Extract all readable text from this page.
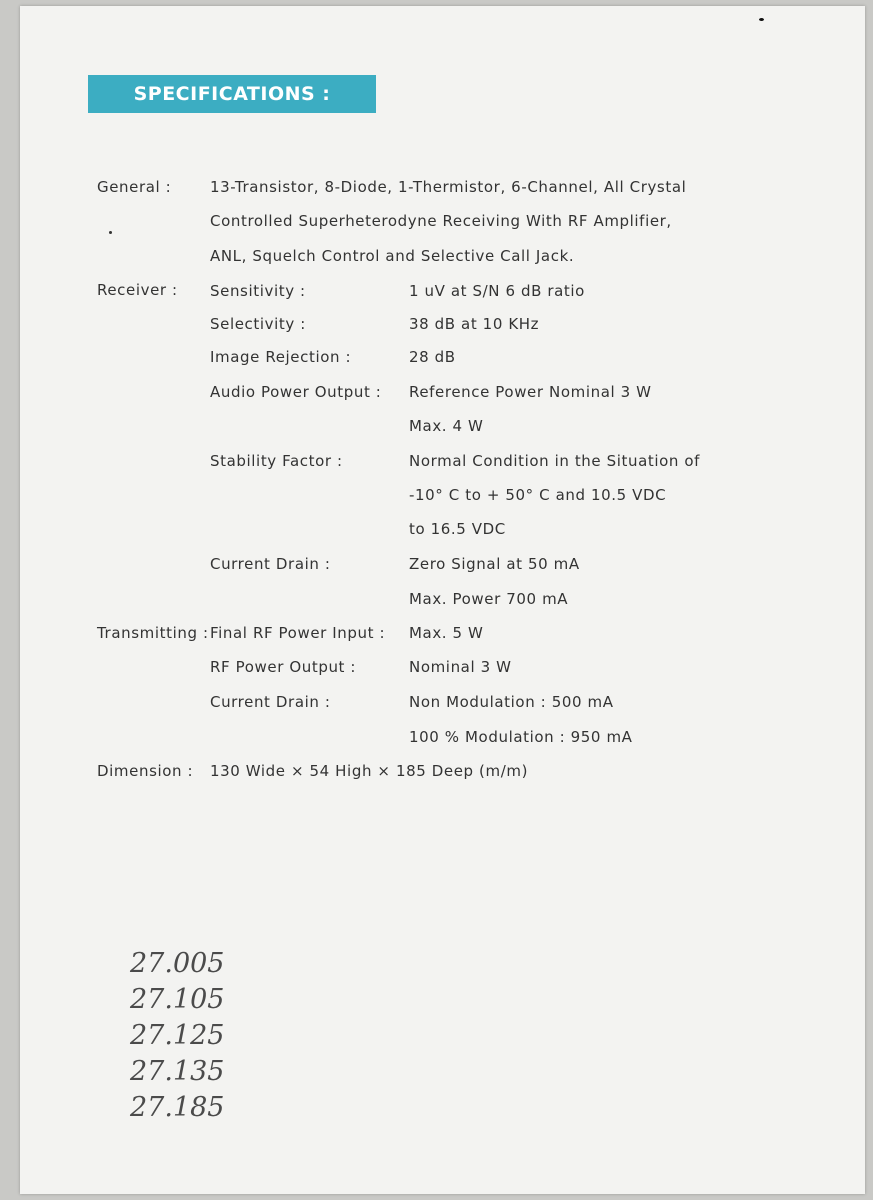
SPECIFICATIONS :
General :	13-Transistor, 8-Diode, 1-Thermistor, 6-Channel, All Crystal
Controlled Superheterodyne Receiving With RF Amplifier,
ANL, Squelch Control and Selective Call Jack.
Receiver : Sensitivity :	1 uV at S/N 6 dB ratio
Selectivity :	38 dB at 10 KHz
Image Rejection :	28 dB
Audio Power Output : Reference Power Nominal 3 W
Max. 4 W
Stability Factor :	Normal Condition in the Situation of
-10° C to + 50° C and 10.5 VDC
to 16.5 VDC
Current Drain :	Zero Signal at 50 mA
Max. Power 700 mA
Transmitting : Final RF Power Input : Max. 5 W
RF Power Output :	Nominal 3 W
Current Drain :	Non Modulation : 500 mA
100 % Modulation : 950 mA
Dimension : 130 Wide × 54 High × 185 Deep (m/m)
27.005
27.105
27.125
27.135
27.185
